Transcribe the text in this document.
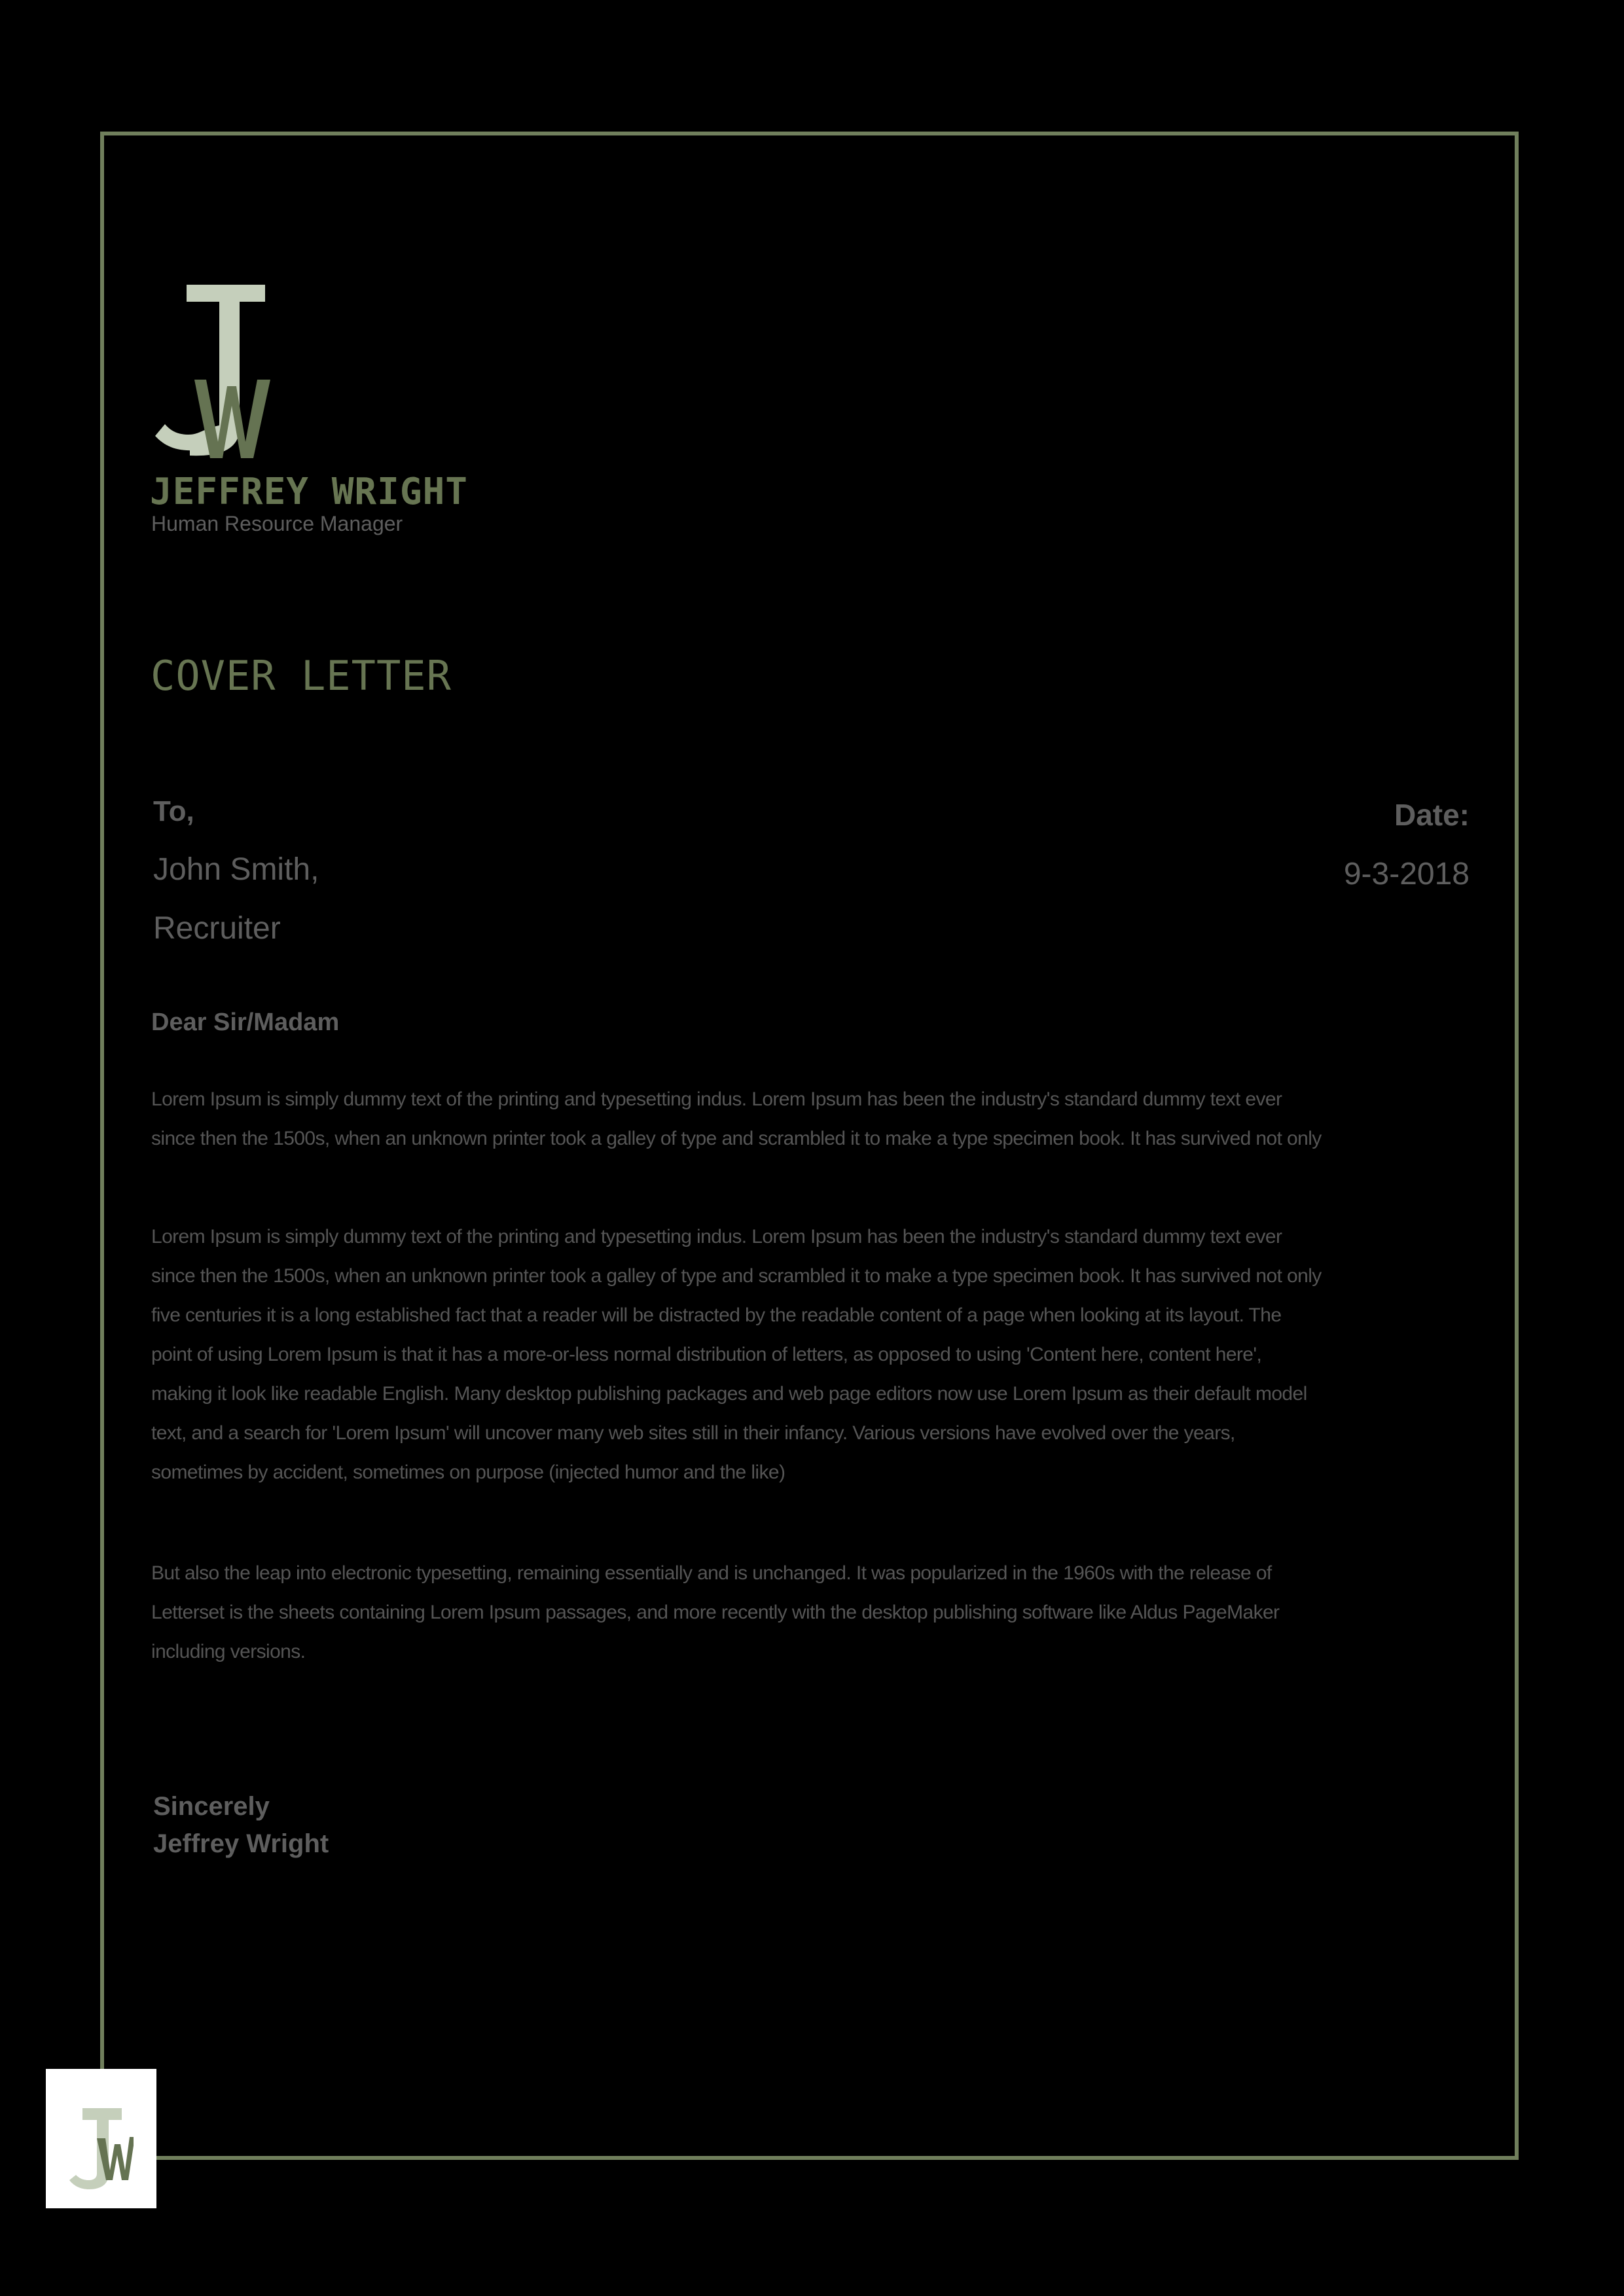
JEFFREY WRIGHT
Human Resource Manager
COVER LETTER
To,
John Smith,
Recruiter
Date:
9-3-2018
Dear Sir/Madam
Lorem Ipsum is simply dummy text of the printing and typesetting indus. Lorem Ipsum has been the industry's standard dummy text ever
since then the 1500s, when an unknown printer took a galley of type and scrambled it to make a type specimen book. It has survived not only
Lorem Ipsum is simply dummy text of the printing and typesetting indus. Lorem Ipsum has been the industry's standard dummy text ever
since then the 1500s, when an unknown printer took a galley of type and scrambled it to make a type specimen book. It has survived not only
five centuries it is a long established fact that a reader will be distracted by the readable content of a page when looking at its layout. The
point of using Lorem Ipsum is that it has a more-or-less normal distribution of letters, as opposed to using 'Content here, content here',
making it look like readable English. Many desktop publishing packages and web page editors now use Lorem Ipsum as their default model
text, and a search for 'Lorem Ipsum' will uncover many web sites still in their infancy. Various versions have evolved over the years,
sometimes by accident, sometimes on purpose (injected humor and the like)
But also the leap into electronic typesetting, remaining essentially and is unchanged. It was popularized in the 1960s with the release of
Letterset is the sheets containing Lorem Ipsum passages, and more recently with the desktop publishing software like Aldus PageMaker
including versions.
Sincerely
Jeffrey Wright
